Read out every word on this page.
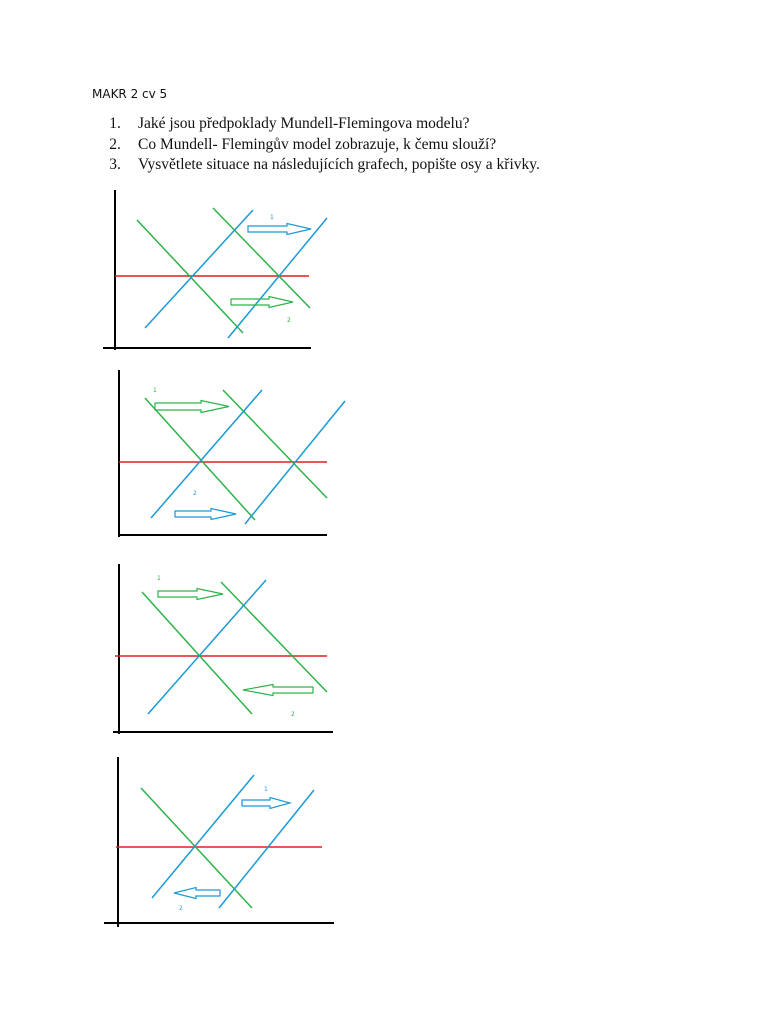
MAKR 2 cv 5
1.	Jaké jsou předpoklady Mundell-Flemingova modelu?
2.	Co Mundell- Flemingův model zobrazuje, k čemu slouží?
3.	Vysvětlete situace na následujících grafech, popište osy a křivky.
1
2
1
2
1
2
1
2
